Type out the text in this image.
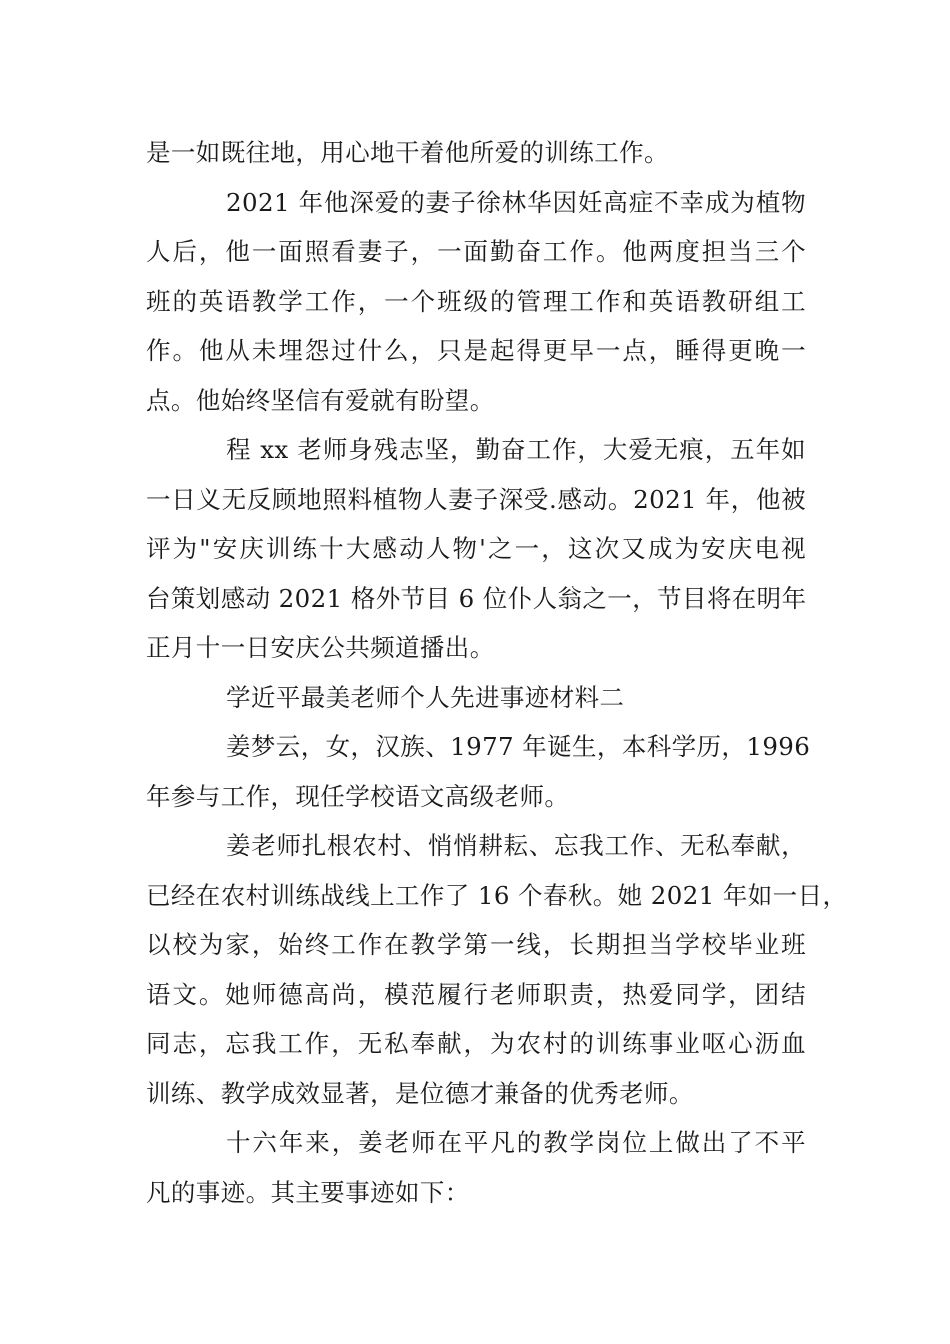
是一如既往地，用心地干着他所爱的训练工作。
2021 年他深爱的妻子徐林华因妊高症不幸成为植物
人后，他一面照看妻子，一面勤奋工作。他两度担当三个
班的英语教学工作，一个班级的管理工作和英语教研组工
作。他从未埋怨过什么，只是起得更早一点，睡得更晚一
点。他始终坚信有爱就有盼望。
程 xx 老师身残志坚，勤奋工作，大爱无痕，五年如
一日义无反顾地照料植物人妻子深受.感动。2021 年，他被
评为"安庆训练十大感动人物'之一，这次又成为安庆电视
台策划感动 2021 格外节目 6 位仆人翁之一，节目将在明年
正月十一日安庆公共频道播出。
学近平最美老师个人先进事迹材料二
姜梦云，女，汉族、1977 年诞生，本科学历，1996
年参与工作，现任学校语文高级老师。
姜老师扎根农村、悄悄耕耘、忘我工作、无私奉献，
已经在农村训练战线上工作了 16 个春秋。她 2021 年如一日，
以校为家，始终工作在教学第一线，长期担当学校毕业班
语文。她师德高尚，模范履行老师职责，热爱同学，团结
同志，忘我工作，无私奉献，为农村的训练事业呕心沥血
训练、教学成效显著，是位德才兼备的优秀老师。
十六年来，姜老师在平凡的教学岗位上做出了不平
凡的事迹。其主要事迹如下：
